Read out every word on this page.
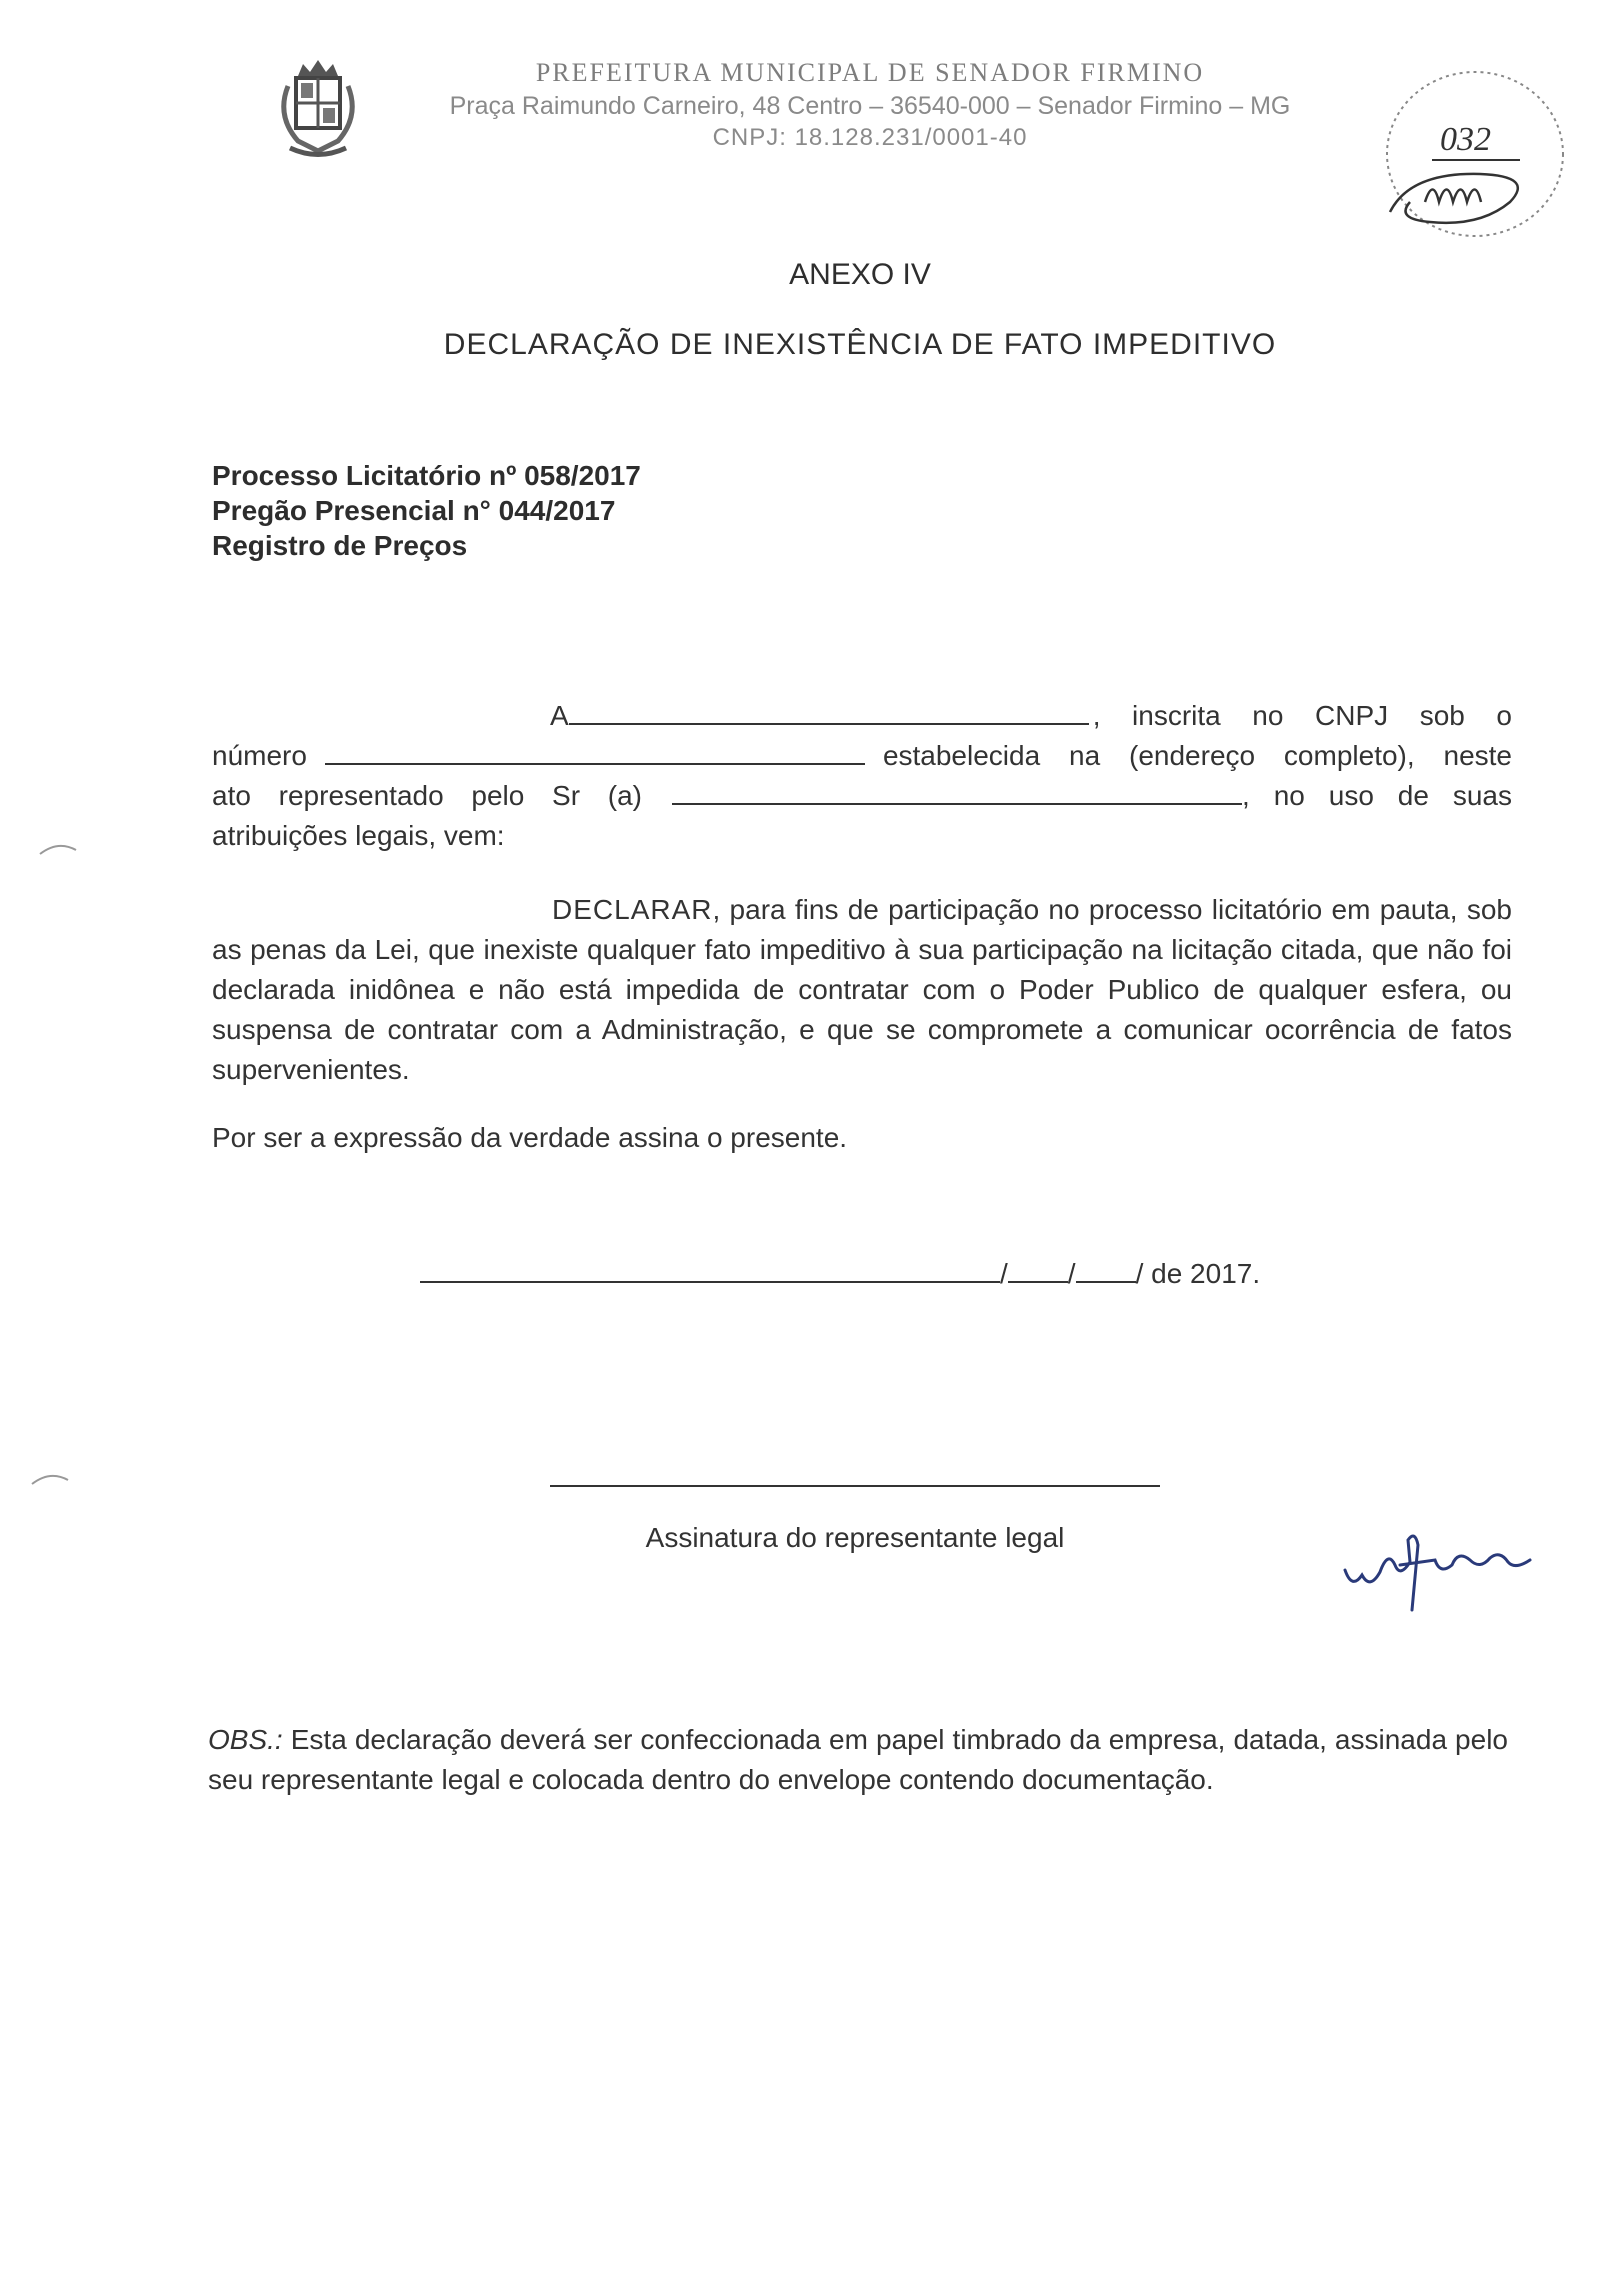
PREFEITURA MUNICIPAL DE SENADOR FIRMINO
Praça Raimundo Carneiro, 48 Centro – 36540-000 – Senador Firmino – MG
CNPJ: 18.128.231/0001-40	032
ANEXO IV
DECLARAÇÃO DE INEXISTÊNCIA DE FATO IMPEDITIVO
Processo Licitatório nº 058/2017
Pregão Presencial n° 044/2017
Registro de Preços
A	, inscrita no CNPJ sob o
número	estabelecida na (endereço completo), neste
ato representado pelo Sr (a)	, no uso de suas
atribuições legais, vem:
DECLARAR, para fins de participação no processo licitatório em pauta, sob as penas da Lei, que inexiste qualquer fato impeditivo à sua participação na licitação citada, que não foi declarada inidônea e não está impedida de contratar com o Poder Publico de qualquer esfera, ou suspensa de contratar com a Administração, e que se compromete a comunicar ocorrência de fatos supervenientes.
Por ser a expressão da verdade assina o presente.
/ / / de 2017.
Assinatura do representante legal
OBS.: Esta declaração deverá ser confeccionada em papel timbrado da empresa, datada, assinada pelo seu representante legal e colocada dentro do envelope contendo documentação.
